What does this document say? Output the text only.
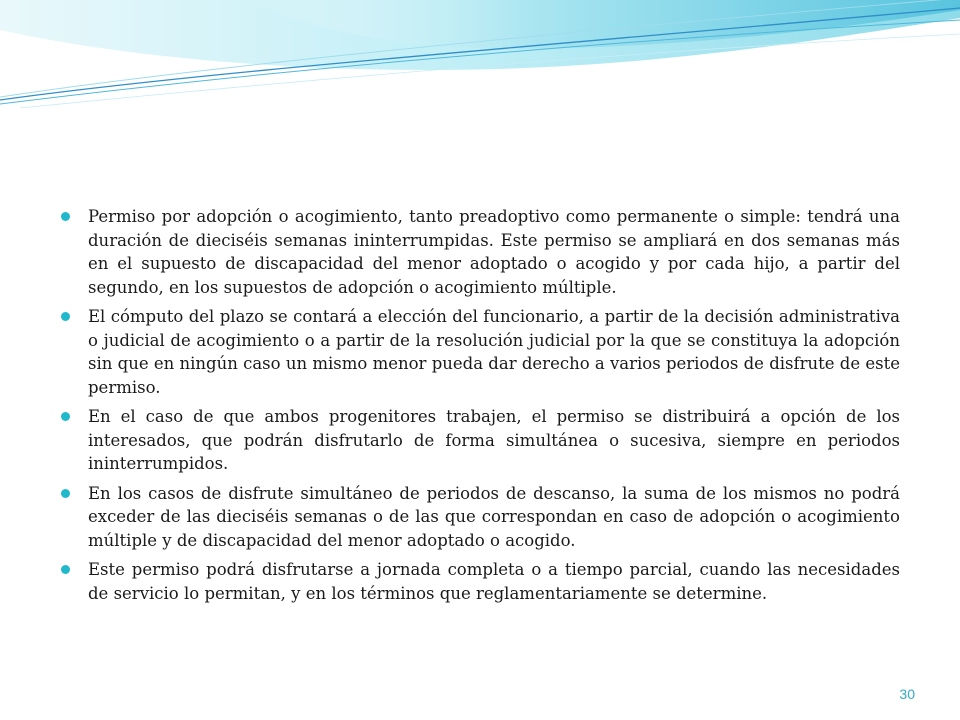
Permiso por adopción o acogimiento, tanto preadoptivo como permanente o simple: tendrá una duración de dieciséis semanas ininterrumpidas. Este permiso se ampliará en dos semanas más en el supuesto de discapacidad del menor adoptado o acogido y por cada hijo, a partir del segundo, en los supuestos de adopción o acogimiento múltiple.
El cómputo del plazo se contará a elección del funcionario, a partir de la decisión administrativa o judicial de acogimiento o a partir de la resolución judicial por la que se constituya la adopción sin que en ningún caso un mismo menor pueda dar derecho a varios periodos de disfrute de este permiso.
En el caso de que ambos progenitores trabajen, el permiso se distribuirá a opción de los interesados, que podrán disfrutarlo de forma simultánea o sucesiva, siempre en periodos ininterrumpidos.
En los casos de disfrute simultáneo de periodos de descanso, la suma de los mismos no podrá exceder de las dieciséis semanas o de las que correspondan en caso de adopción o acogimiento múltiple y de discapacidad del menor adoptado o acogido.
Este permiso podrá disfrutarse a jornada completa o a tiempo parcial, cuando las necesidades de servicio lo permitan, y en los términos que reglamentariamente se determine.
30
